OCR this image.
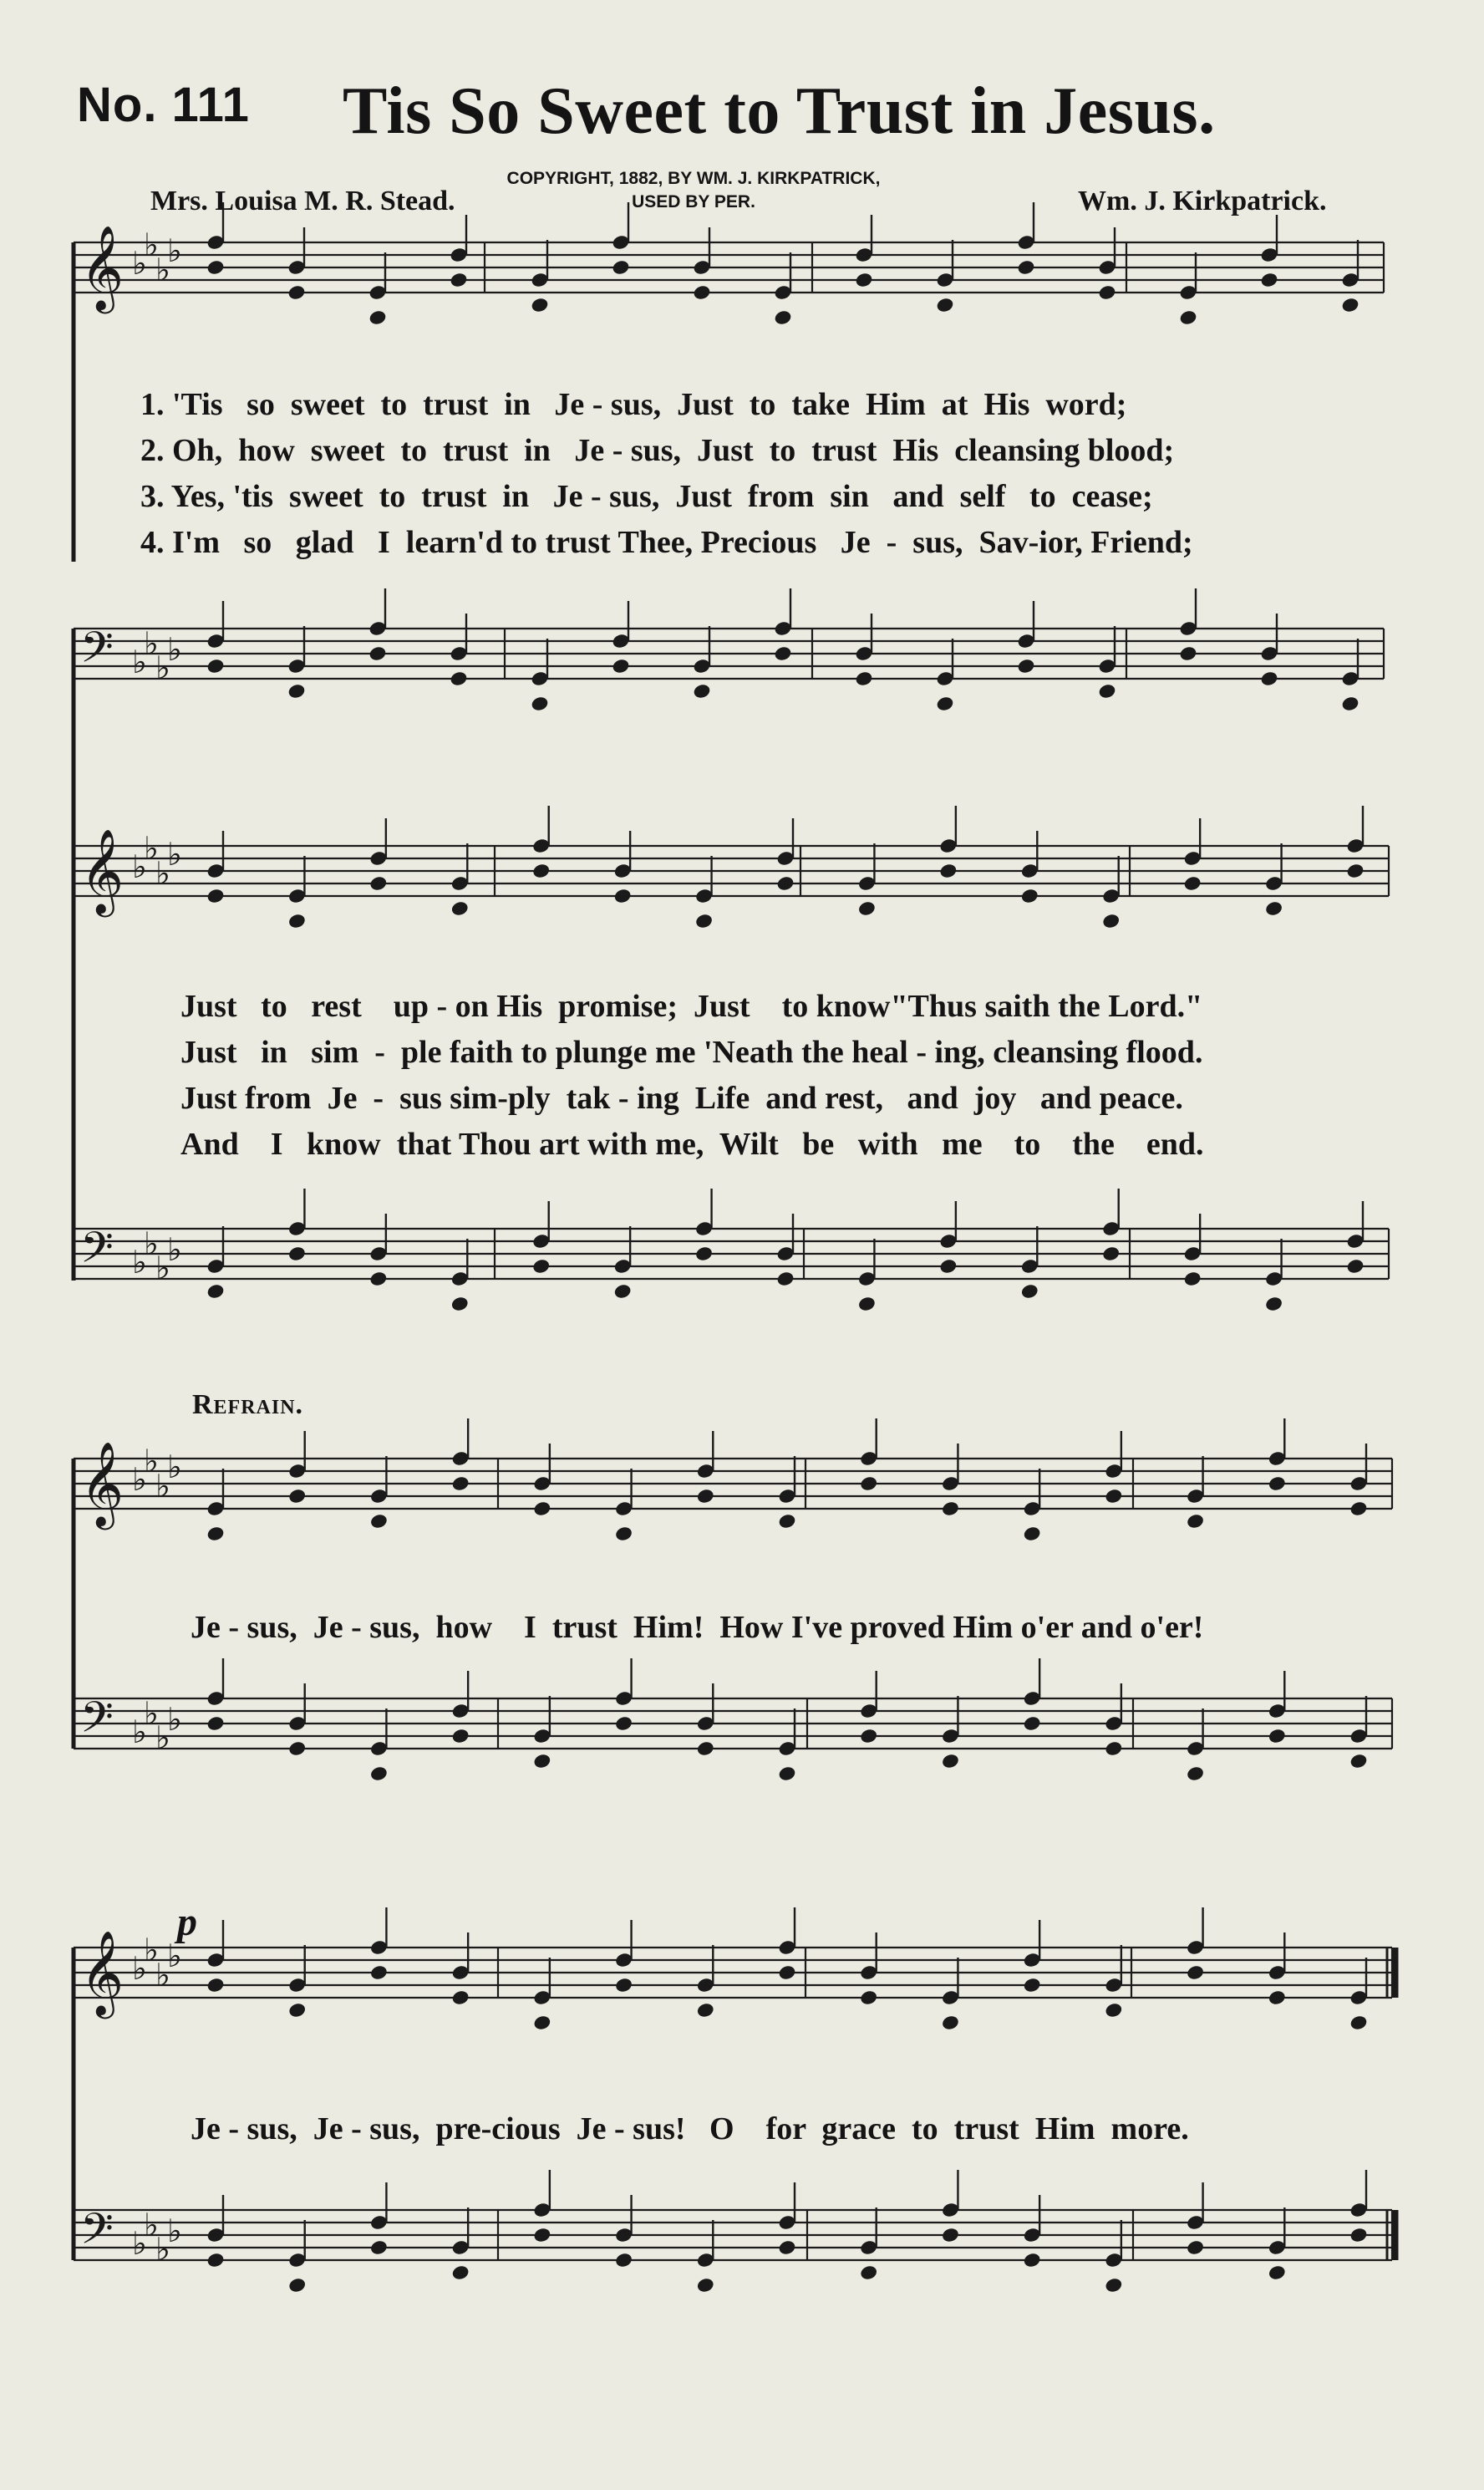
No. 111 Tis So Sweet to Trust in Jesus.
COPYRIGHT, 1882, BY WM. J. KIRKPATRICK,
USED BY PER.
Mrs. Louisa M. R. Stead.	Wm. J. Kirkpatrick.
𝄞 ♭
♭
♭
♭
𝄢 ♭
♭
♭
♭
𝄞 ♭
♭
♭
♭
𝄢 ♭
♭
♭
♭
𝄞 ♭
♭
♭
♭
𝄢 ♭
♭
♭
♭
𝄞 ♭
♭
♭
♭
𝄢 ♭
♭
♭
♭
1. 'Tis   so  sweet  to  trust  in   Je - sus,  Just  to  take  Him  at  His  word;
2. Oh,  how  sweet  to  trust  in   Je - sus,  Just  to  trust  His  cleansing blood;
3. Yes, 'tis  sweet  to  trust  in   Je - sus,  Just  from  sin   and  self   to  cease;
4. I'm   so   glad   I  learn'd to trust Thee, Precious   Je  -  sus,  Sav-ior, Friend;
Just   to   rest    up - on His  promise;  Just    to know"Thus saith the Lord."
Just   in   sim  -  ple faith to plunge me 'Neath the heal - ing, cleansing flood.
Just from  Je  -  sus sim-ply  tak - ing  Life  and rest,   and  joy   and peace.
And    I   know  that Thou art with me,  Wilt   be   with   me    to    the    end.
Refrain.
Je - sus,  Je - sus,  how    I  trust  Him!  How I've proved Him o'er and o'er!
p
Je - sus,  Je - sus,  pre-cious  Je - sus!   O    for  grace  to  trust  Him  more.
